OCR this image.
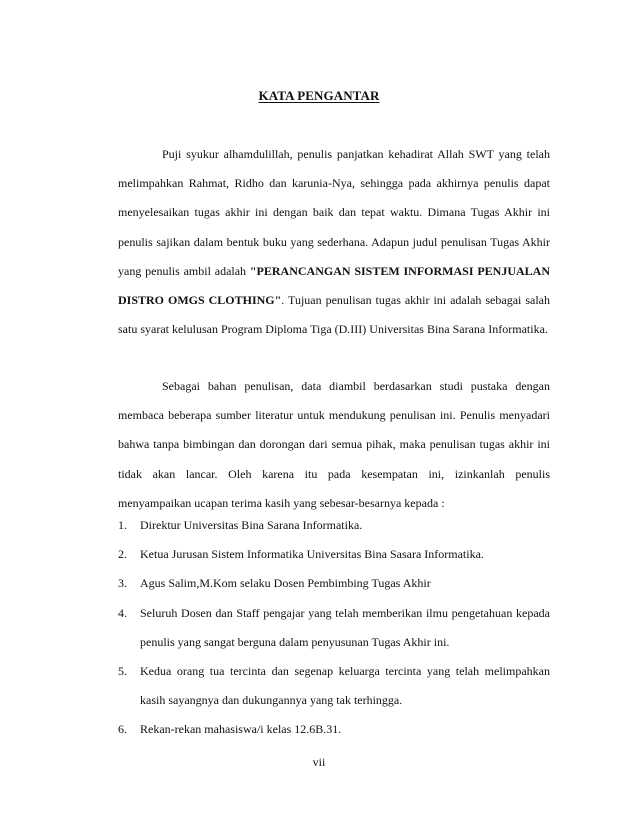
KATA PENGANTAR

Puji syukur alhamdulillah, penulis panjatkan kehadirat Allah SWT yang telah melimpahkan Rahmat, Ridho dan karunia-Nya, sehingga pada akhirnya penulis dapat menyelesaikan tugas akhir ini dengan baik dan tepat waktu. Dimana Tugas Akhir ini penulis sajikan dalam bentuk buku yang sederhana. Adapun judul penulisan Tugas Akhir yang penulis ambil adalah "PERANCANGAN SISTEM INFORMASI PENJUALAN DISTRO OMGS CLOTHING". Tujuan penulisan tugas akhir ini adalah sebagai salah satu syarat kelulusan Program Diploma Tiga (D.III) Universitas Bina Sarana Informatika.

Sebagai bahan penulisan, data diambil berdasarkan studi pustaka dengan membaca beberapa sumber literatur untuk mendukung penulisan ini. Penulis menyadari bahwa tanpa bimbingan dan dorongan dari semua pihak, maka penulisan tugas akhir ini tidak akan lancar. Oleh karena itu pada kesempatan ini, izinkanlah penulis menyampaikan ucapan terima kasih yang sebesar-besarnya kepada :

1.	Direktur Universitas Bina Sarana Informatika.
2.	Ketua Jurusan Sistem Informatika Universitas Bina Sasara Informatika.
3.	Agus Salim,M.Kom selaku Dosen Pembimbing Tugas Akhir
4.	Seluruh Dosen dan Staff pengajar yang telah memberikan ilmu pengetahuan kepada penulis yang sangat berguna dalam penyusunan Tugas Akhir ini.
5.	Kedua orang tua tercinta dan segenap keluarga tercinta yang telah melimpahkan kasih sayangnya dan dukungannya yang tak terhingga.
6.	Rekan-rekan mahasiswa/i kelas 12.6B.31.
vii
